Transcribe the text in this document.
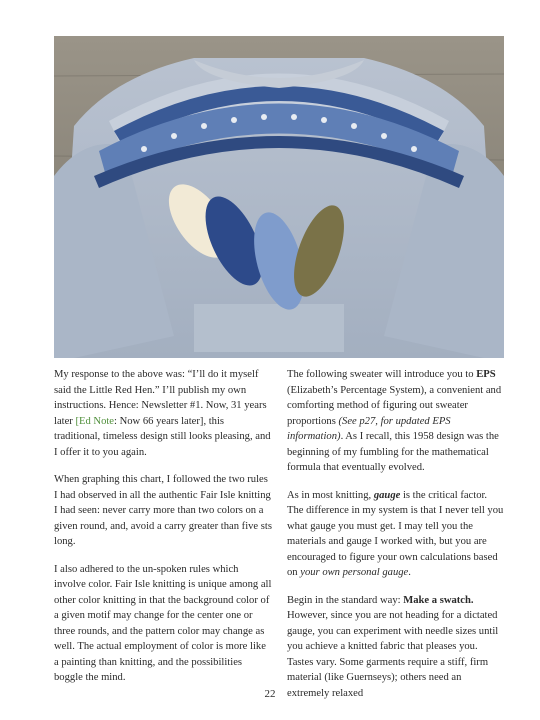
My response to the above was: “I’ll do it myself said the Little Red Hen.” I’ll publish my own instructions. Hence: Newsletter #1. Now, 31 years later [Ed Note: Now 66 years later], this traditional, timeless design still looks pleasing, and I offer it to you again.

When graphing this chart, I followed the two rules I had observed in all the authentic Fair Isle knitting I had seen: never carry more than two colors on a given round, and, avoid a carry greater than five sts long.

I also adhered to the un-spoken rules which involve color. Fair Isle knitting is unique among all other color knitting in that the background color of a given motif may change for the center one or three rounds, and the pattern color may change as well. The actual employment of color is more like a painting than knitting, and the possibilities boggle the mind.

The following sweater will introduce you to EPS (Elizabeth’s Percentage System), a convenient and comforting method of figuring out sweater proportions (See p27, for updated EPS information). As I recall, this 1958 design was the beginning of my fumbling for the mathematical formula that eventually evolved.

As in most knitting, gauge is the critical factor. The difference in my system is that I never tell you what gauge you must get. I may tell you the materials and gauge I worked with, but you are encouraged to figure your own calculations based on your own personal gauge.

Begin in the standard way: Make a swatch. However, since you are not heading for a dictated gauge, you can experiment with needle sizes until you achieve a knitted fabric that pleases you. Tastes vary. Some garments require a stiff, firm material (like Guernseys); others need an extremely relaxed

22
